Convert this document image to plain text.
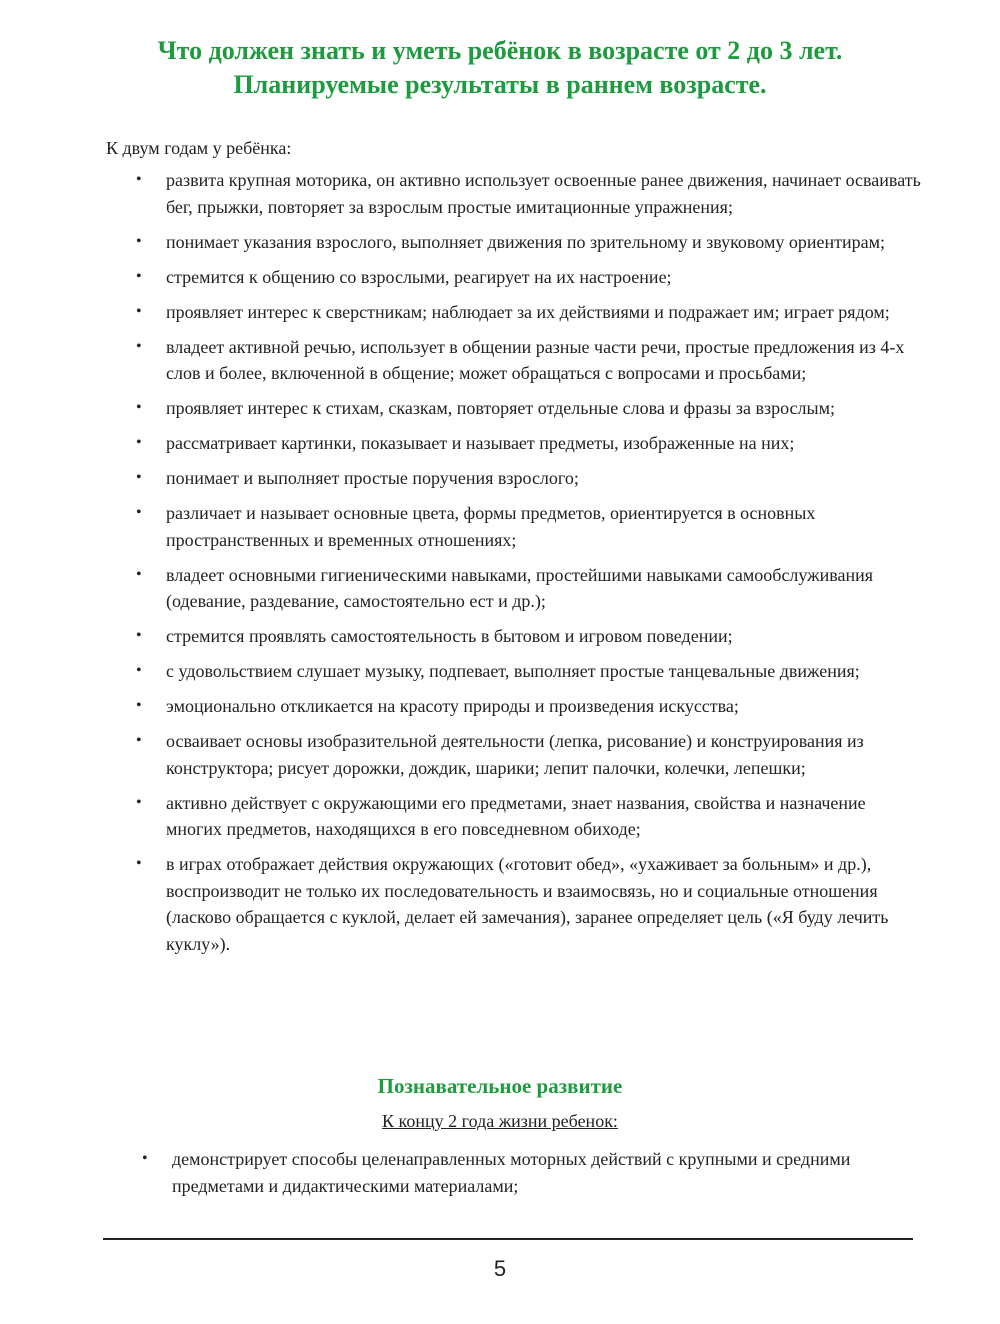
Что должен знать и уметь ребёнок в возрасте от 2 до 3 лет.
Планируемые результаты в раннем возрасте.

К двум годам у ребёнка:

• развита крупная моторика, он активно использует освоенные ранее движения, начинает осваивать бег, прыжки, повторяет за взрослым простые имитационные упражнения;
• понимает указания взрослого, выполняет движения по зрительному и звуковому ориентирам;
• стремится к общению со взрослыми, реагирует на их настроение;
• проявляет интерес к сверстникам; наблюдает за их действиями и подражает им; играет рядом;
• владеет активной речью, использует в общении разные части речи, простые предложения из 4-х слов и более, включенной в общение; может обращаться с вопросами и просьбами;
• проявляет интерес к стихам, сказкам, повторяет отдельные слова и фразы за взрослым;
• рассматривает картинки, показывает и называет предметы, изображенные на них;
• понимает и выполняет простые поручения взрослого;
• различает и называет основные цвета, формы предметов, ориентируется в основных пространственных и временных отношениях;
• владеет основными гигиеническими навыками, простейшими навыками самообслуживания (одевание, раздевание, самостоятельно ест и др.);
• стремится проявлять самостоятельность в бытовом и игровом поведении;
• с удовольствием слушает музыку, подпевает, выполняет простые танцевальные движения;
• эмоционально откликается на красоту природы и произведения искусства;
• осваивает основы изобразительной деятельности (лепка, рисование) и конструирования из конструктора; рисует дорожки, дождик, шарики; лепит палочки, колечки, лепешки;
• активно действует с окружающими его предметами, знает названия, свойства и назначение многих предметов, находящихся в его повседневном обиходе;
• в играх отображает действия окружающих («готовит обед», «ухаживает за больным» и др.), воспроизводит не только их последовательность и взаимосвязь, но и социальные отношения (ласково обращается с куклой, делает ей замечания), заранее определяет цель («Я буду лечить куклу»).
Познавательное развитие

К концу 2 года жизни ребенок:

• демонстрирует способы целенаправленных моторных действий с крупными и средними предметами и дидактическими материалами;
5
